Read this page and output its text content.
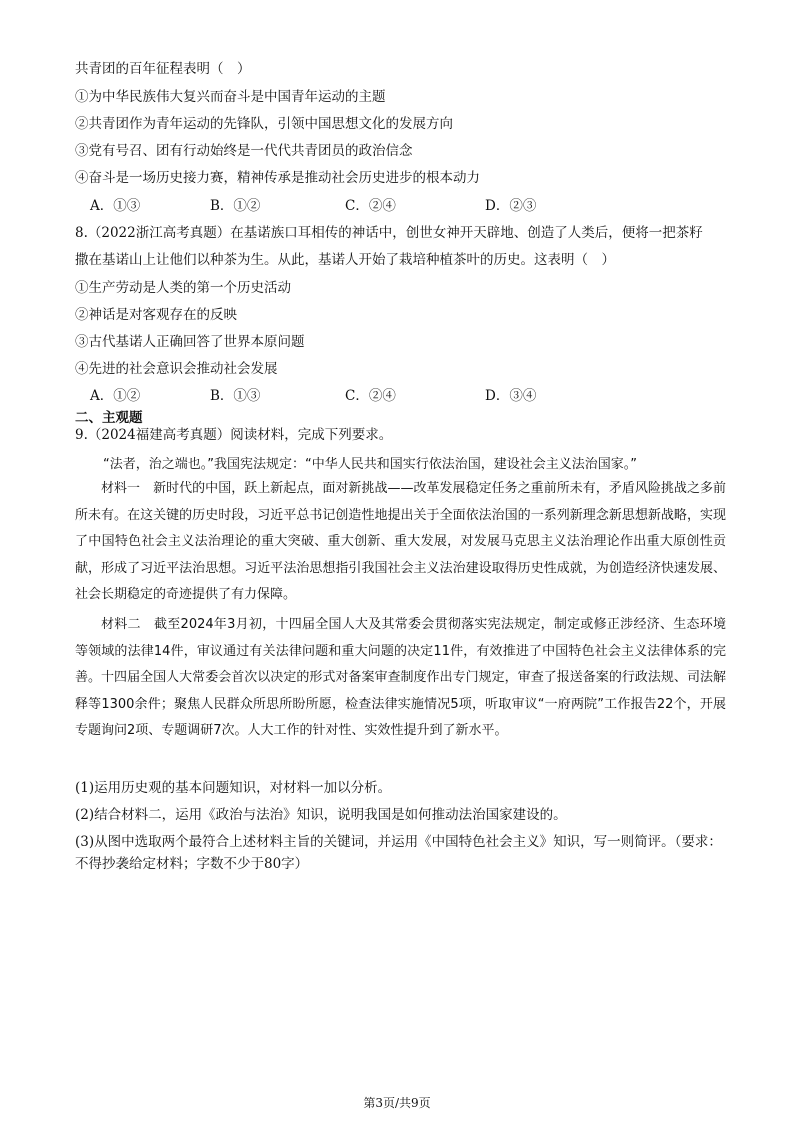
共青团的百年征程表明（　）
①为中华民族伟大复兴而奋斗是中国青年运动的主题
②共青团作为青年运动的先锋队，引领中国思想文化的发展方向
③党有号召、团有行动始终是一代代共青团员的政治信念
④奋斗是一场历史接力赛，精神传承是推动社会历史进步的根本动力
A．①③	B．①②	C．②④	D．②③
8.（2022浙江高考真题）在基诺族口耳相传的神话中，创世女神开天辟地、创造了人类后，便将一把茶籽
撒在基诺山上让他们以种茶为生。从此，基诺人开始了栽培种植茶叶的历史。这表明（　）
①生产劳动是人类的第一个历史活动
②神话是对客观存在的反映
③古代基诺人正确回答了世界本原问题
④先进的社会意识会推动社会发展
A．①②	B．①③	C．②④	D．③④
二、主观题
9.（2024福建高考真题）阅读材料，完成下列要求。
“法者，治之端也。”我国宪法规定：“中华人民共和国实行依法治国，建设社会主义法治国家。”

材料一　新时代的中国，跃上新起点，面对新挑战——改革发展稳定任务之重前所未有，矛盾风险挑战之多前所未有。在这关键的历史时段，习近平总书记创造性地提出关于全面依法治国的一系列新理念新思想新战略，实现了中国特色社会主义法治理论的重大突破、重大创新、重大发展，对发展马克思主义法治理论作出重大原创性贡献，形成了习近平法治思想。习近平法治思想指引我国社会主义法治建设取得历史性成就，为创造经济快速发展、社会长期稳定的奇迹提供了有力保障。

材料二　截至2024年3月初，十四届全国人大及其常委会贯彻落实宪法规定，制定或修正涉经济、生态环境等领域的法律14件，审议通过有关法律问题和重大问题的决定11件，有效推进了中国特色社会主义法律体系的完善。十四届全国人大常委会首次以决定的形式对备案审查制度作出专门规定，审查了报送备案的行政法规、司法解释等1300余件；聚焦人民群众所思所盼所愿，检查法律实施情况5项，听取审议“一府两院”工作报告22个，开展专题询问2项、专题调研7次。人大工作的针对性、实效性提升到了新水平。

(1)运用历史观的基本问题知识，对材料一加以分析。
(2)结合材料二，运用《政治与法治》知识，说明我国是如何推动法治国家建设的。
(3)从图中选取两个最符合上述材料主旨的关键词，并运用《中国特色社会主义》知识，写一则简评。（要求：不得抄袭给定材料；字数不少于80字）
第3页/共9页
